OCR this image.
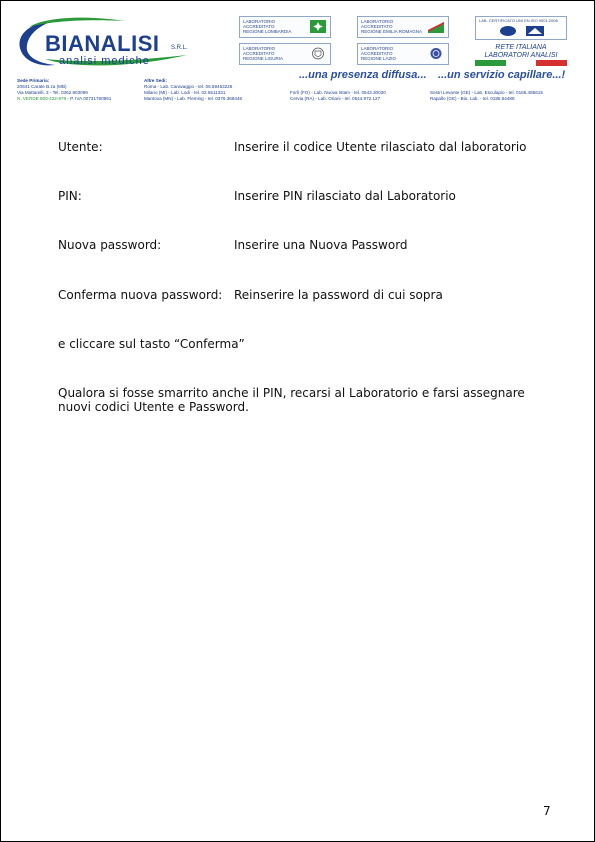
BIANALISI S.R.L.
analisi mediche
LABORATORIO
ACCREDITATO
REGIONE LOMBARDIA
LABORATORIO
ACCREDITATO
REGIONE EMILIA ROMAGNA
LABORATORIO
ACCREDITATO
REGIONE LIGURIA
LABORATORIO
ACCREDITATO
REGIONE LAZIO
LAB. CERTIFICATO UNI EN ISO 9001:2008
RETE ITALIANA
LABORATORI ANALISI
...una presenza diffusa... ...un servizio capillare...!
Sede Primaria:
20841 Carate B.za (MB)
Via Mattarelli, 3 - Tel. 0362.903099
N. VERDE 800-422-978 - P. IVA 00731780961
Altre Sedi:
Roma - Lab. Caravaggio - tel. 06.59453226
Milano (MI) - Lab. Lodi - tel. 02.5511331
Mantova (MN) - Lab. Fleming - tel. 0376.368446
Forlì (FO) - Lab. Nuova Istam - tel. 0543.30030
Cervia (RA) - Lab. Oriani - tel. 0544.972.127
Sestri Levante (GE) - Lab. Esculapio - tel. 0185.485615
Rapallo (GE) - Bio. Lab. - tel. 0185.54488
Utente:	Inserire il codice Utente rilasciato dal laboratorio
PIN:	Inserire PIN rilasciato dal Laboratorio
Nuova password:	Inserire una Nuova Password
Conferma nuova password: Reinserire la password di cui sopra
e cliccare sul tasto “Conferma”
Qualora si fosse smarrito anche il PIN, recarsi al Laboratorio e farsi assegnare
nuovi codici Utente e Password.
7
